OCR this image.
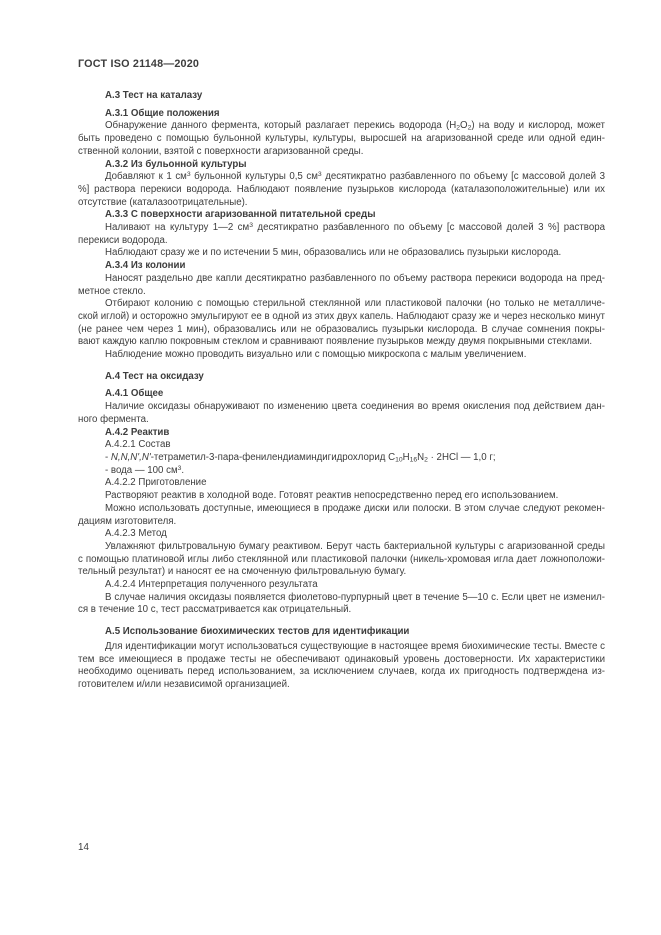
ГОСТ ISO 21148—2020

А.3 Тест на каталазу

А.3.1 Общие положения

Обнаружение данного фермента, который разлагает перекись водорода $(H_2O_2)$ на воду и кислород, может быть проведено с помощью бульонной культуры, культуры, выросшей на агаризованной среде или одной единственной колонии, взятой с поверхности агаризованной среды.

А.3.2 Из бульонной культуры

Добавляют к 1 $см^3$ бульонной культуры 0,5 $см^3$ десятикратно разбавленного по объему [с массовой долей 3 %] раствора перекиси водорода. Наблюдают появление пузырьков кислорода (каталазоположительные) или их отсутствие (каталазоотрицательные).

А.3.3 С поверхности агаризованной питательной среды

Наливают на культуру 1—2 $см^3$ десятикратно разбавленного по объему [с массовой долей 3 %] раствора перекиси водорода.

Наблюдают сразу же и по истечении 5 мин, образовались или не образовались пузырьки кислорода.

А.3.4 Из колонии

Наносят раздельно две капли десятикратно разбавленного по объему раствора перекиси водорода на предметное стекло.

Отбирают колонию с помощью стерильной стеклянной или пластиковой палочки (но только не металлической иглой) и осторожно эмульгируют ее в одной из этих двух капель. Наблюдают сразу же и через несколько минут (не ранее чем через 1 мин), образовались или не образовались пузырьки кислорода. В случае сомнения покрывают каждую каплю покровным стеклом и сравнивают появление пузырьков между двумя покрывными стеклами.

Наблюдение можно проводить визуально или с помощью микроскопа с малым увеличением.

А.4 Тест на оксидазу

А.4.1 Общее

Наличие оксидазы обнаруживают по изменению цвета соединения во время окисления под действием данного фермента.

А.4.2 Реактив

А.4.2.1 Состав

- N,N,N',N'-тетраметил-3-пара-фенилендиаминдигидрохлорид $C_{10}H_{16}N_2 \cdot 2HCl$ — 1,0 г;

- вода — 100 $см^3$.

А.4.2.2 Приготовление

Растворяют реактив в холодной воде. Готовят реактив непосредственно перед его использованием.

Можно использовать доступные, имеющиеся в продаже диски или полоски. В этом случае следуют рекомендациям изготовителя.

А.4.2.3 Метод

Увлажняют фильтровальную бумагу реактивом. Берут часть бактериальной культуры с агаризованной среды с помощью платиновой иглы либо стеклянной или пластиковой палочки (никель-хромовая игла дает ложноположительный результат) и наносят ее на смоченную фильтровальную бумагу.

А.4.2.4 Интерпретация полученного результата

В случае наличия оксидазы появляется фиолетово-пурпурный цвет в течение 5—10 с. Если цвет не изменился в течение 10 с, тест рассматривается как отрицательный.

А.5 Использование биохимических тестов для идентификации

Для идентификации могут использоваться существующие в настоящее время биохимические тесты. Вместе с тем все имеющиеся в продаже тесты не обеспечивают одинаковый уровень достоверности. Их характеристики необходимо оценивать перед использованием, за исключением случаев, когда их пригодность подтверждена изготовителем и/или независимой организацией.

14
